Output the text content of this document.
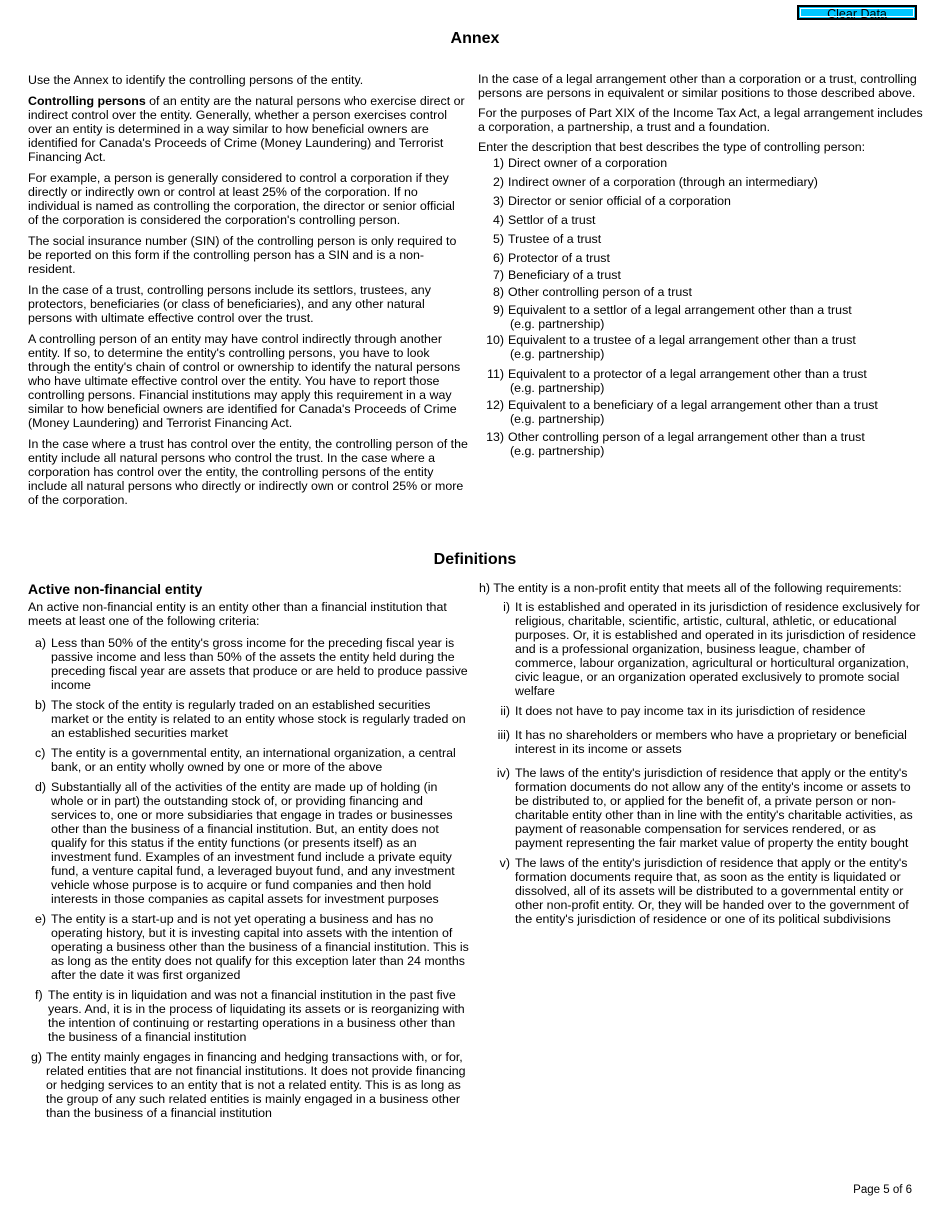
Clear Data
Annex

Use the Annex to identify the controlling persons of the entity.

Controlling persons of an entity are the natural persons who exercise direct or indirect control over the entity. Generally, whether a person exercises control over an entity is determined in a way similar to how beneficial owners are identified for Canada's Proceeds of Crime (Money Laundering) and Terrorist Financing Act.

For example, a person is generally considered to control a corporation if they directly or indirectly own or control at least 25% of the corporation. If no individual is named as controlling the corporation, the director or senior official of the corporation is considered the corporation's controlling person.

The social insurance number (SIN) of the controlling person is only required to be reported on this form if the controlling person has a SIN and is a non-resident.

In the case of a trust, controlling persons include its settlors, trustees, any protectors, beneficiaries (or class of beneficiaries), and any other natural persons with ultimate effective control over the trust.

A controlling person of an entity may have control indirectly through another entity. If so, to determine the entity's controlling persons, you have to look through the entity's chain of control or ownership to identify the natural persons who have ultimate effective control over the entity. You have to report those controlling persons. Financial institutions may apply this requirement in a way similar to how beneficial owners are identified for Canada's Proceeds of Crime (Money Laundering) and Terrorist Financing Act.

In the case where a trust has control over the entity, the controlling person of the entity include all natural persons who control the trust. In the case where a corporation has control over the entity, the controlling persons of the entity include all natural persons who directly or indirectly own or control 25% or more of the corporation.

In the case of a legal arrangement other than a corporation or a trust, controlling persons are persons in equivalent or similar positions to those described above.

For the purposes of Part XIX of the Income Tax Act, a legal arrangement includes a corporation, a partnership, a trust and a foundation.

Enter the description that best describes the type of controlling person:

1) Direct owner of a corporation
2) Indirect owner of a corporation (through an intermediary)
3) Director or senior official of a corporation
4) Settlor of a trust
5) Trustee of a trust
6) Protector of a trust
7) Beneficiary of a trust
8) Other controlling person of a trust
9) Equivalent to a settlor of a legal arrangement other than a trust
(e.g. partnership)
10) Equivalent to a trustee of a legal arrangement other than a trust
(e.g. partnership)
11) Equivalent to a protector of a legal arrangement other than a trust
(e.g. partnership)
12) Equivalent to a beneficiary of a legal arrangement other than a trust
(e.g. partnership)
13) Other controlling person of a legal arrangement other than a trust
(e.g. partnership)
Definitions
Active non-financial entity

An active non-financial entity is an entity other than a financial institution that meets at least one of the following criteria:

a) Less than 50% of the entity's gross income for the preceding fiscal year is passive income and less than 50% of the assets the entity held during the preceding fiscal year are assets that produce or are held to produce passive income
b) The stock of the entity is regularly traded on an established securities market or the entity is related to an entity whose stock is regularly traded on an established securities market
c) The entity is a governmental entity, an international organization, a central bank, or an entity wholly owned by one or more of the above
d) Substantially all of the activities of the entity are made up of holding (in whole or in part) the outstanding stock of, or providing financing and services to, one or more subsidiaries that engage in trades or businesses other than the business of a financial institution. But, an entity does not qualify for this status if the entity functions (or presents itself) as an investment fund. Examples of an investment fund include a private equity fund, a venture capital fund, a leveraged buyout fund, and any investment vehicle whose purpose is to acquire or fund companies and then hold interests in those companies as capital assets for investment purposes
e) The entity is a start-up and is not yet operating a business and has no operating history, but it is investing capital into assets with the intention of operating a business other than the business of a financial institution. This is as long as the entity does not qualify for this exception later than 24 months after the date it was first organized
f) The entity is in liquidation and was not a financial institution in the past five years. And, it is in the process of liquidating its assets or is reorganizing with the intention of continuing or restarting operations in a business other than the business of a financial institution
g) The entity mainly engages in financing and hedging transactions with, or for, related entities that are not financial institutions. It does not provide financing or hedging services to an entity that is not a related entity. This is as long as the group of any such related entities is mainly engaged in a business other than the business of a financial institution

h) The entity is a non-profit entity that meets all of the following requirements:

i) It is established and operated in its jurisdiction of residence exclusively for religious, charitable, scientific, artistic, cultural, athletic, or educational purposes. Or, it is established and operated in its jurisdiction of residence and is a professional organization, business league, chamber of commerce, labour organization, agricultural or horticultural organization, civic league, or an organization operated exclusively to promote social welfare
ii) It does not have to pay income tax in its jurisdiction of residence
iii) It has no shareholders or members who have a proprietary or beneficial interest in its income or assets
iv) The laws of the entity's jurisdiction of residence that apply or the entity's formation documents do not allow any of the entity's income or assets to be distributed to, or applied for the benefit of, a private person or non-charitable entity other than in line with the entity's charitable activities, as payment of reasonable compensation for services rendered, or as payment representing the fair market value of property the entity bought
v) The laws of the entity's jurisdiction of residence that apply or the entity's formation documents require that, as soon as the entity is liquidated or dissolved, all of its assets will be distributed to a governmental entity or other non-profit entity. Or, they will be handed over to the government of the entity's jurisdiction of residence or one of its political subdivisions
Page 5 of 6
